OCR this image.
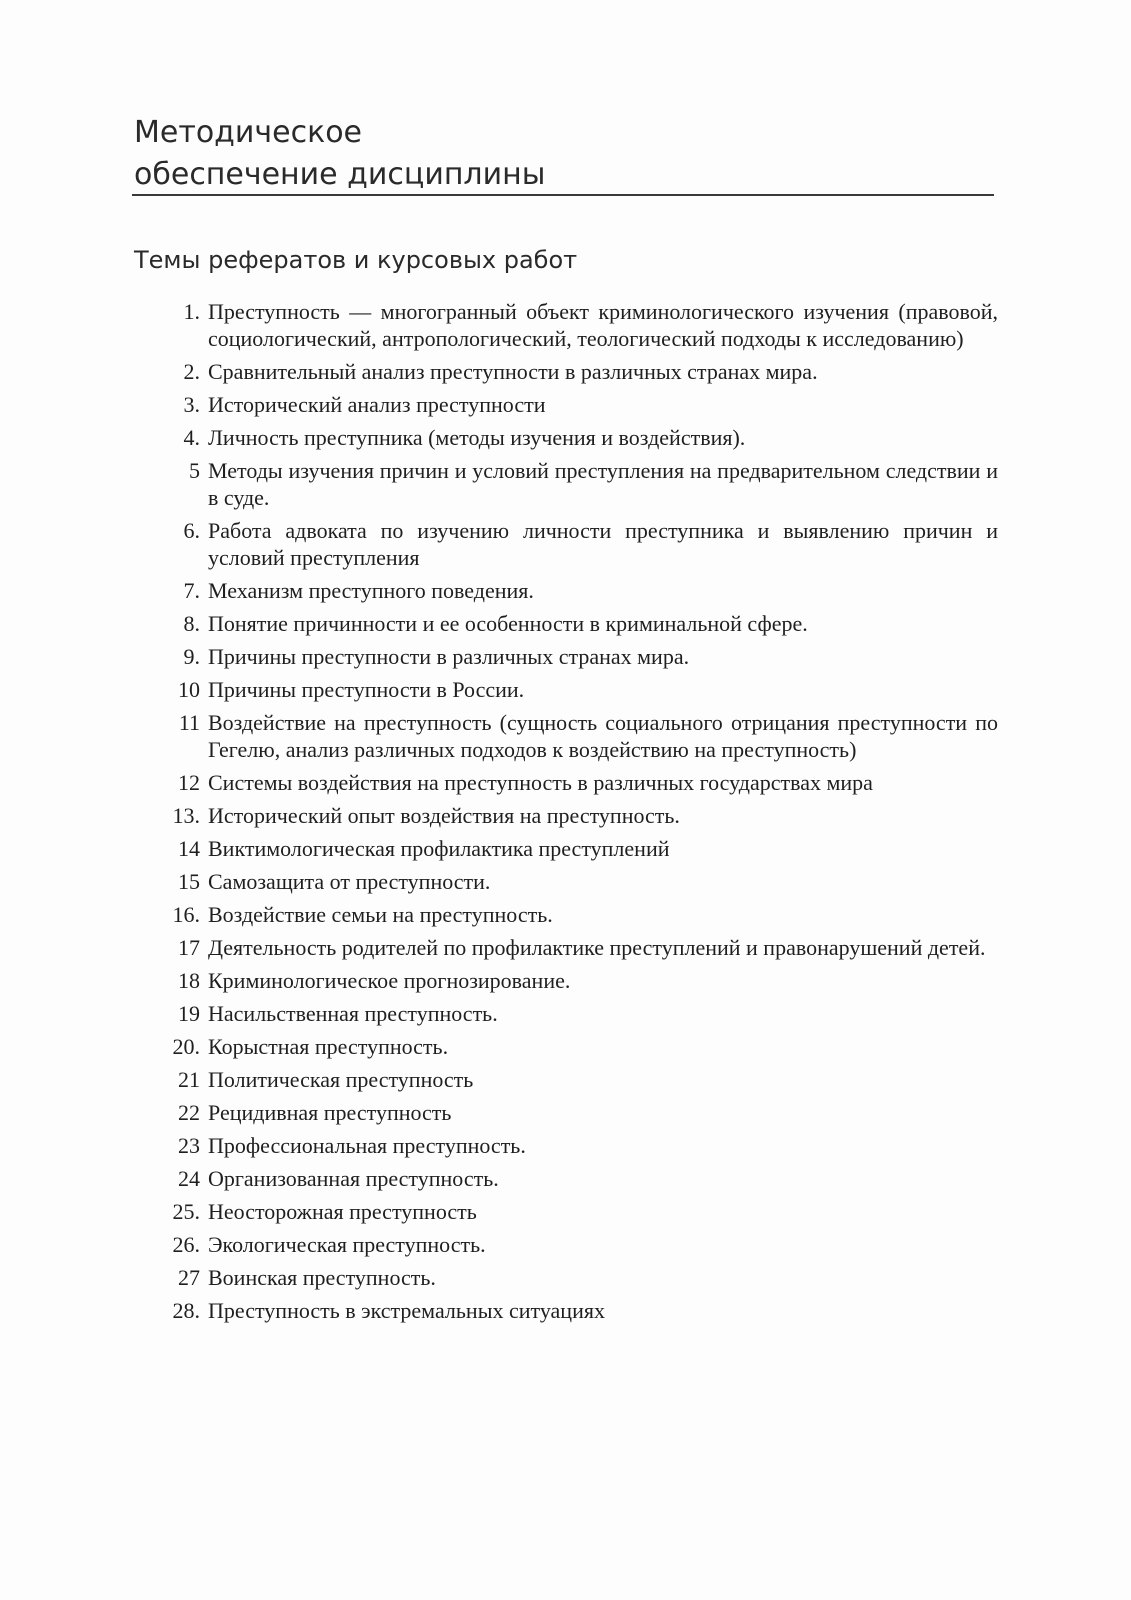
Методическое
обеспечение дисциплины
Темы рефератов и курсовых работ
1. Преступность — многогранный объект криминологического изучения (правовой, социологический, антропологический, теологический подходы к исследованию)
2. Сравнительный анализ преступности в различных странах мира.
3. Исторический анализ преступности
4. Личность преступника (методы изучения и воздействия).
5 Методы изучения причин и условий преступления на предварительном следствии и в суде.
6. Работа адвоката по изучению личности преступника и выявлению причин и условий преступления
7. Механизм преступного поведения.
8. Понятие причинности и ее особенности в криминальной сфере.
9. Причины преступности в различных странах мира.
10 Причины преступности в России.
11 Воздействие на преступность (сущность социального отрицания преступности по Гегелю, анализ различных подходов к воздействию на преступность)
12 Системы воздействия на преступность в различных государствах мира
13. Исторический опыт воздействия на преступность.
14 Виктимологическая профилактика преступлений
15 Самозащита от преступности.
16. Воздействие семьи на преступность.
17 Деятельность родителей по профилактике преступлений и правонарушений детей.
18 Криминологическое прогнозирование.
19 Насильственная преступность.
20. Корыстная преступность.
21 Политическая преступность
22 Рецидивная преступность
23 Профессиональная преступность.
24 Организованная преступность.
25. Неосторожная преступность
26. Экологическая преступность.
27 Воинская преступность.
28. Преступность в экстремальных ситуациях
